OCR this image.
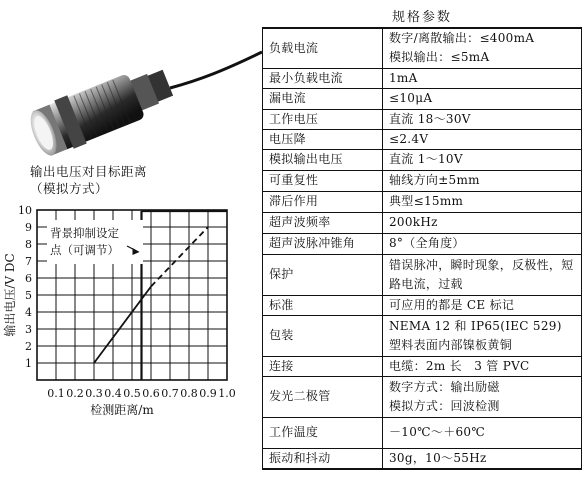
输出电压对目标距离
（模拟方式）
0.1 0.2 0.3 0.4 0.5 0.6 0.7 0.8 0.9 1.0
1
2
3
4
5
6
7
8
9
10
检测距离/m
输出电压/V DC
背景抑制设定
点（可调节）
规格参数
负载电流	数字/离散输出：≤400mA
模拟输出：≤5mA

最小负载电流	1mA

漏电流	≤10μA

工作电压	直流 18～30V

电压降	≤2.4V

模拟输出电压	直流 1～10V

可重复性	轴线方向±5mm

滞后作用	典型≤15mm

超声波频率	200kHz

超声波脉冲锥角	8°（全角度）

保护	错误脉冲，瞬时现象，反极性，短
路电流，过载

标准	可应用的都是 CE 标记

包装	NEMA 12 和 IP65(IEC 529)
塑料表面内部镍板黄铜

连接	电缆：2m 长　3 管 PVC

发光二极管	数字方式：输出励磁
模拟方式：回波检测

工作温度	－10℃～＋60℃

振动和抖动	30g，10～55Hz
